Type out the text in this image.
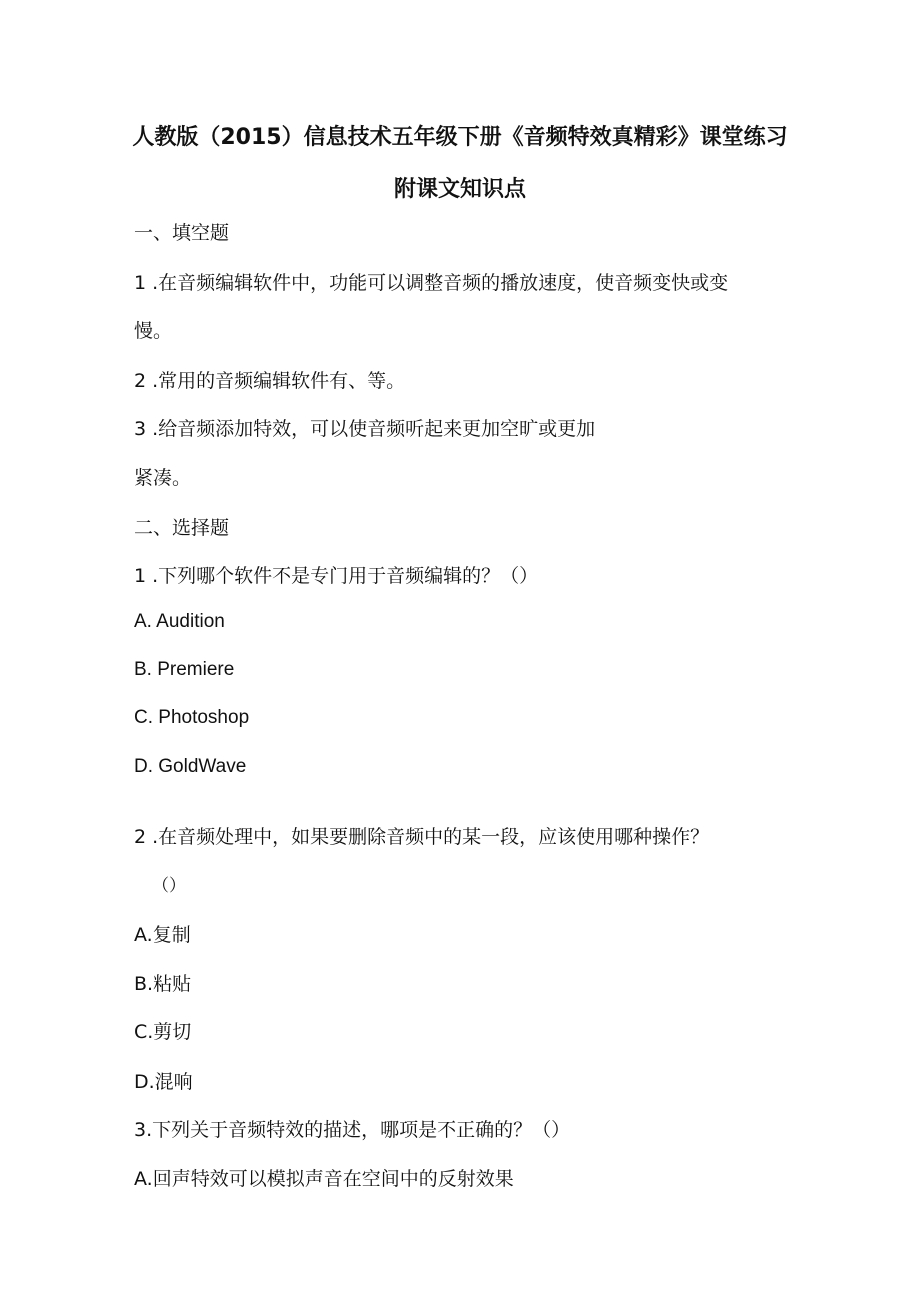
人教版（2015）信息技术五年级下册《音频特效真精彩》课堂练习
附课文知识点
一、填空题
1 .在音频编辑软件中，功能可以调整音频的播放速度，使音频变快或变
慢。
2 .常用的音频编辑软件有、等。
3 .给音频添加特效，可以使音频听起来更加空旷或更加
紧凑。
二、选择题
1 .下列哪个软件不是专门用于音频编辑的？（）
A. Audition
B. Premiere
C. Photoshop
D. GoldWave
2 .在音频处理中，如果要删除音频中的某一段，应该使用哪种操作？
（）
A.复制
B.粘贴
C.剪切
D.混响
3.下列关于音频特效的描述，哪项是不正确的？（）
A.回声特效可以模拟声音在空间中的反射效果
